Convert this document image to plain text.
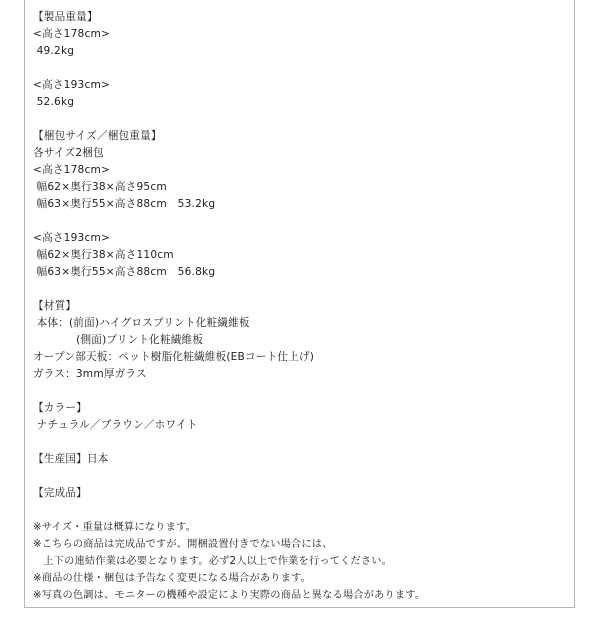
【製品重量】
<高さ178cm>
49.2kg
<高さ193cm>
52.6kg
【梱包サイズ／梱包重量】
各サイズ2梱包
<高さ178cm>
幅62×奥行38×高さ95cm
幅63×奥行55×高さ88cm　53.2kg
<高さ193cm>
幅62×奥行38×高さ110cm
幅63×奥行55×高さ88cm　56.8kg
【材質】
本体：(前面)ハイグロスプリント化粧繊維板
　　　　(側面)プリント化粧繊維板
オープン部天板：ペット樹脂化粧繊維板(EBコート仕上げ)
ガラス：3mm厚ガラス
【カラー】
ナチュラル／ブラウン／ホワイト
【生産国】日本
【完成品】
※サイズ・重量は概算になります。
※こちらの商品は完成品ですが、開梱設置付きでない場合には、
　上下の連結作業は必要となります。必ず2人以上で作業を行ってください。
※商品の仕様・梱包は予告なく変更になる場合があります。
※写真の色調は、モニターの機種や設定により実際の商品と異なる場合があります。
